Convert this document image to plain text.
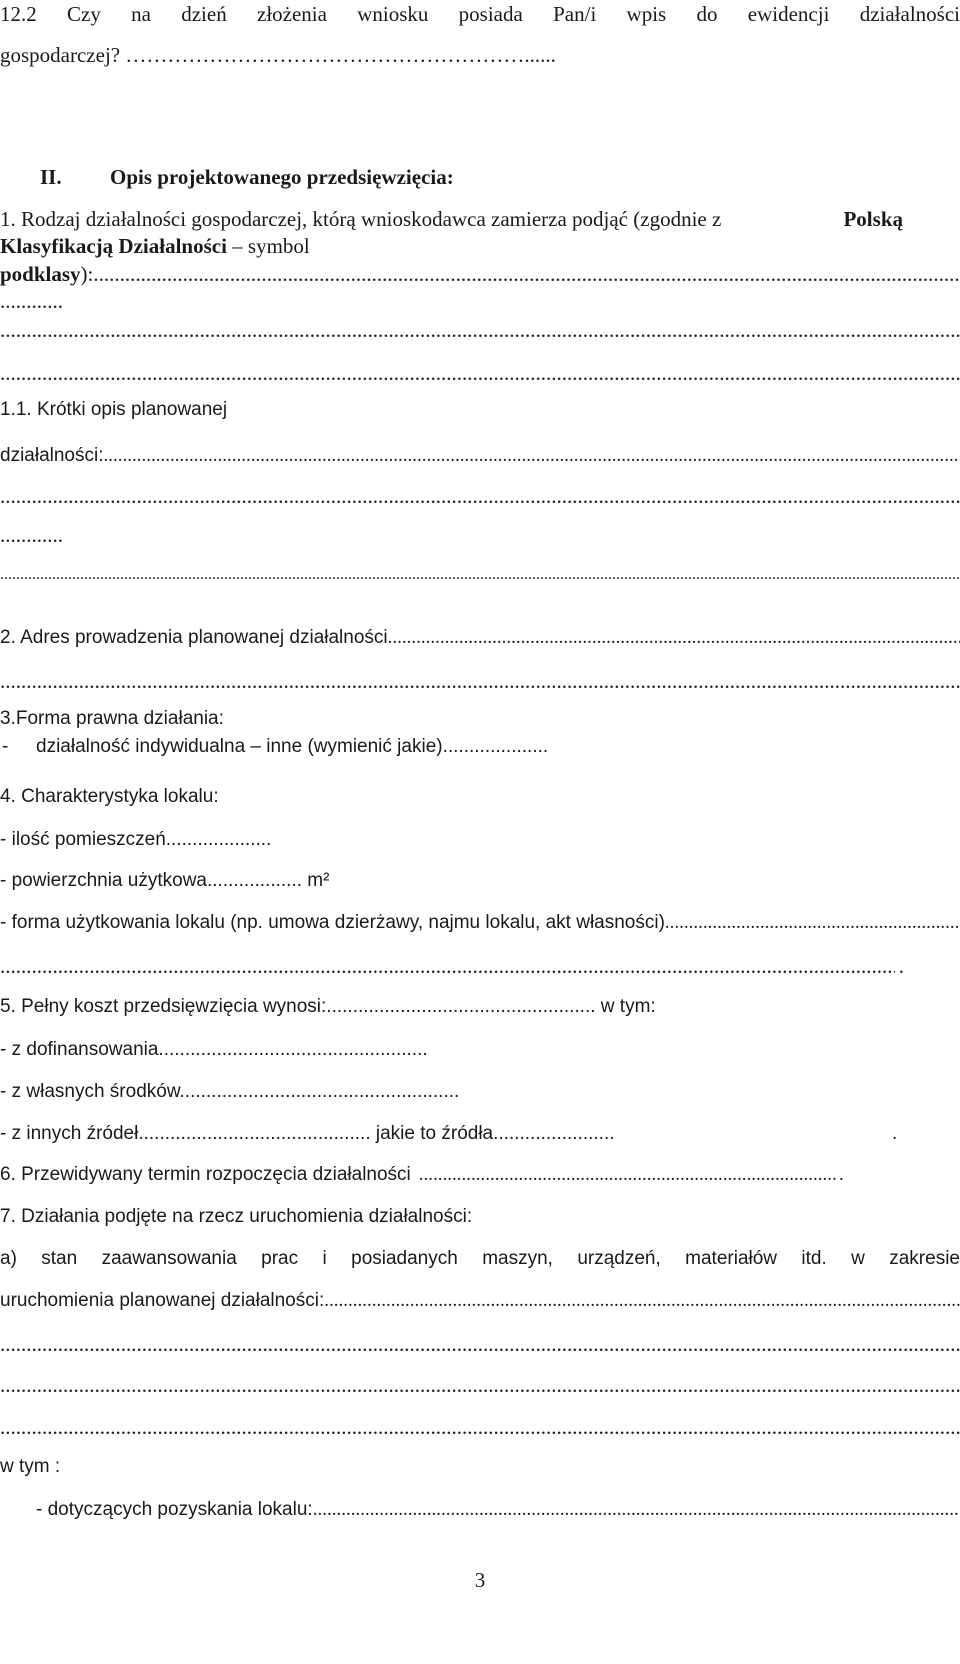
12.2 Czy na dzień złożenia wniosku posiada Pan/i wpis do ewidencji działalności
gospodarczej? …………………………………………………......
II. Opis projektowanego przedsięwzięcia:
1. Rodzaj działalności gospodarczej, którą wnioskodawca zamierza podjąć (zgodnie z	Polską
Klasyfikacją Działalności – symbol
podklasy):
.....
............
.....
.....
1.1. Krótki opis planowanej
działalności:
.....
.....
............
.....
2. Adres prowadzenia planowanej działalności
.....
.....
3.Forma prawna działania:
- działalność indywidualna – inne (wymienić jakie)....................
4. Charakterystyka lokalu:
- ilość pomieszczeń....................
- powierzchnia użytkowa.................. m²
- forma użytkowania lokalu (np. umowa dzierżawy, najmu lokalu, akt własności)
.....
.....
.
5. Pełny koszt przedsięwzięcia wynosi:................................................... w tym:
- z dofinansowania...................................................
- z własnych środków.....................................................
- z innych źródeł............................................ jakie to źródła.......................	.
6. Przewidywany termin rozpoczęcia działalności
.....	.
7. Działania podjęte na rzecz uruchomienia działalności:
a) stan zaawansowania prac i posiadanych maszyn, urządzeń, materiałów itd. w zakresie
uruchomienia planowanej działalności:
.....
.....
.....
.....
w tym :
- dotyczących pozyskania lokalu:
.....
3
